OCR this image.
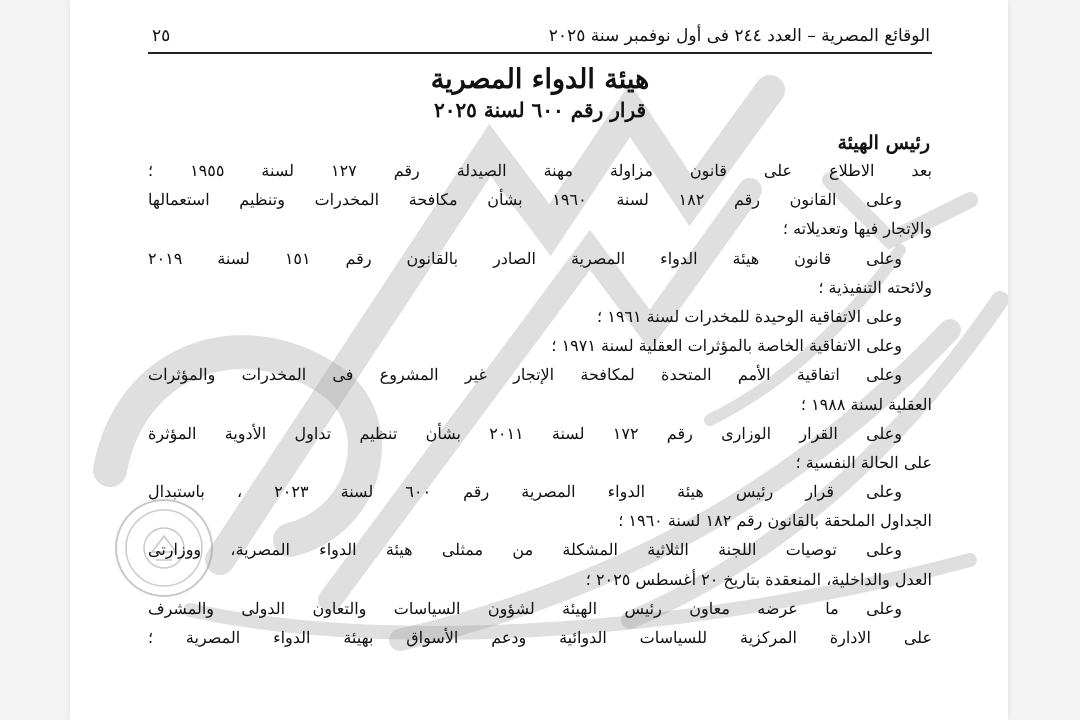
الوقائع المصرية – العدد ٢٤٤ فى أول نوفمبر سنة ٢٠٢٥
٢٥
هيئة الدواء المصرية
قرار رقم ٦٠٠ لسنة ٢٠٢٥
رئيس الهيئة
بعد الاطلاع على قانون مزاولة مهنة الصيدلة رقم ١٢٧ لسنة ١٩٥٥ ؛
وعلى القانون رقم ١٨٢ لسنة ١٩٦٠ بشأن مكافحة المخدرات وتنظيم استعمالها
والإتجار فيها وتعديلاته ؛
وعلى قانون هيئة الدواء المصرية الصادر بالقانون رقم ١٥١ لسنة ٢٠١٩
ولائحته التنفيذية ؛
وعلى الاتفاقية الوحيدة للمخدرات لسنة ١٩٦١ ؛
وعلى الاتفاقية الخاصة بالمؤثرات العقلية لسنة ١٩٧١ ؛
وعلى اتفاقية الأمم المتحدة لمكافحة الإتجار غير المشروع فى المخدرات والمؤثرات
العقلية لسنة ١٩٨٨ ؛
وعلى القرار الوزارى رقم ١٧٢ لسنة ٢٠١١ بشأن تنظيم تداول الأدوية المؤثرة
على الحالة النفسية ؛
وعلى قرار رئيس هيئة الدواء المصرية رقم ٦٠٠ لسنة ٢٠٢٣ ، باستبدال
الجداول الملحقة بالقانون رقم ١٨٢ لسنة ١٩٦٠ ؛
وعلى توصيات اللجنة الثلاثية المشكلة من ممثلى هيئة الدواء المصرية، ووزارتى
العدل والداخلية، المنعقدة بتاريخ ٢٠ أغسطس ٢٠٢٥ ؛
وعلى ما عرضه معاون رئيس الهيئة لشؤون السياسات والتعاون الدولى والمشرف
على الادارة المركزية للسياسات الدوائية ودعم الأسواق بهيئة الدواء المصرية ؛
